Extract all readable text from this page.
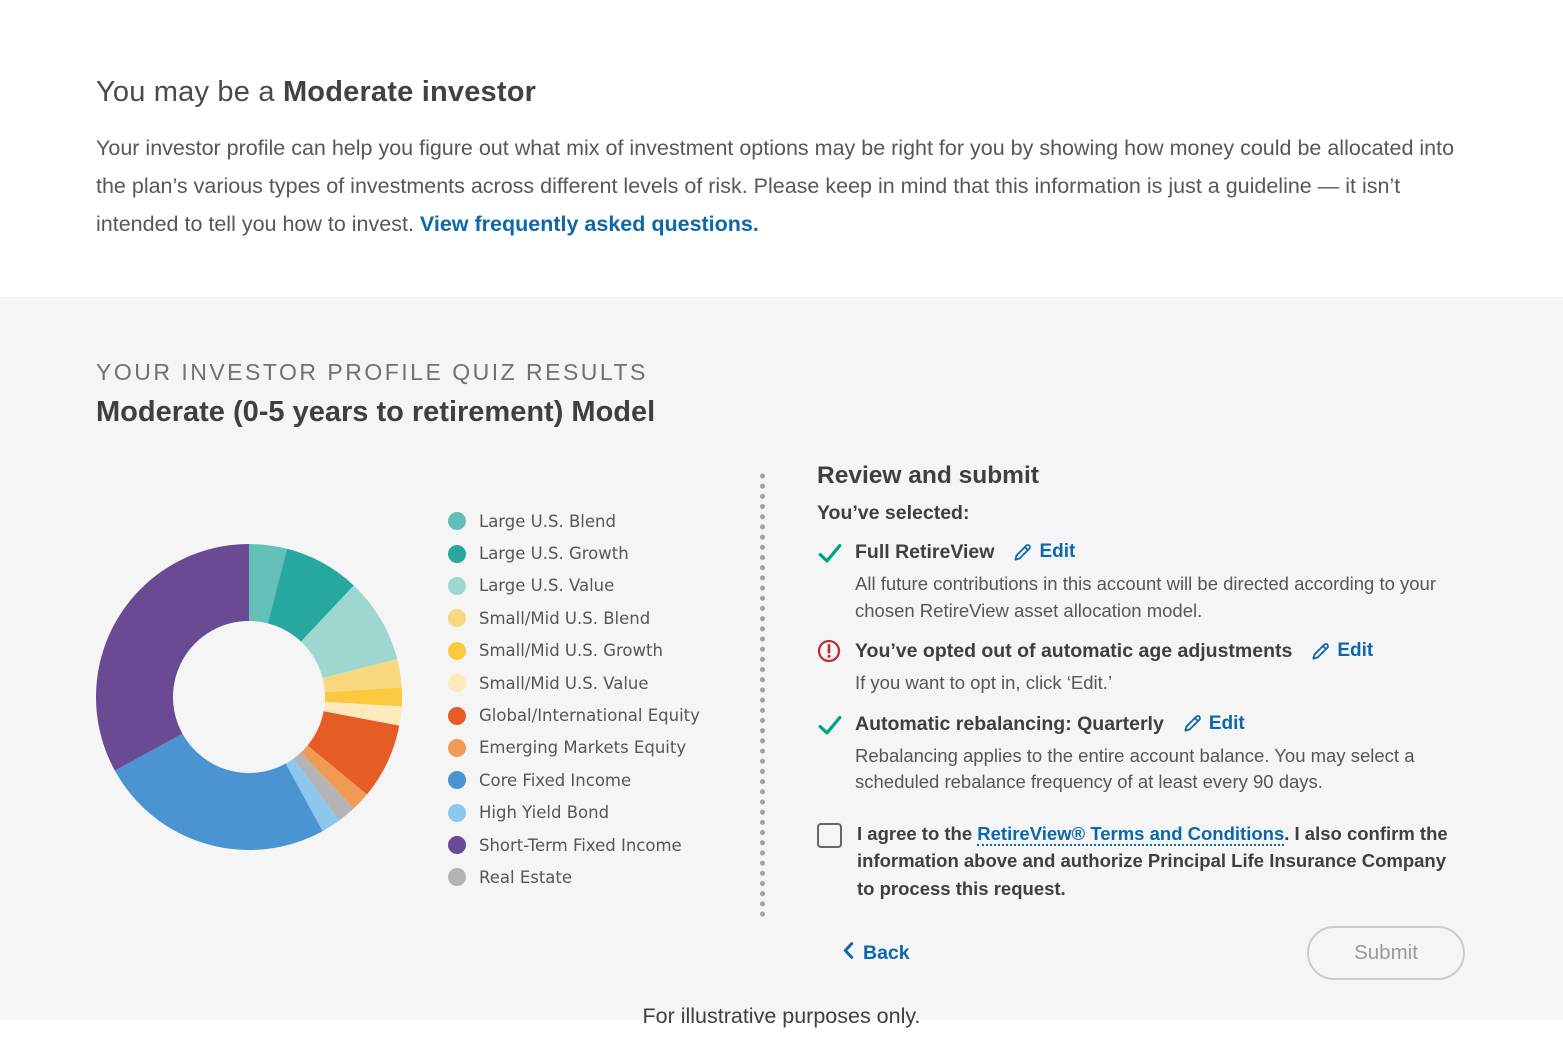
You may be a Moderate investor

Your investor profile can help you figure out what mix of investment options may be right for you by showing how money could be allocated into the plan’s various types of investments across different levels of risk. Please keep in mind that this information is just a guideline — it isn’t intended to tell you how to invest. View frequently asked questions.

YOUR INVESTOR PROFILE QUIZ RESULTS
Moderate (0-5 years to retirement) Model
Large U.S. Blend
Large U.S. Growth
Large U.S. Value
Small/Mid U.S. Blend
Small/Mid U.S. Growth
Small/Mid U.S. Value
Global/International Equity
Emerging Markets Equity
Core Fixed Income
High Yield Bond
Short-Term Fixed Income
Real Estate
Review and submit

You’ve selected:

Full RetireView Edit
All future contributions in this account will be directed according to your chosen RetireView asset allocation model.
You’ve opted out of automatic age adjustments Edit
If you want to opt in, click ‘Edit.’
Automatic rebalancing: Quarterly Edit
Rebalancing applies to the entire account balance. You may select a scheduled rebalance frequency of at least every 90 days.
I agree to the RetireView® Terms and Conditions. I also confirm the information above and authorize Principal Life Insurance Company to process this request.
Back	Submit
For illustrative purposes only.
